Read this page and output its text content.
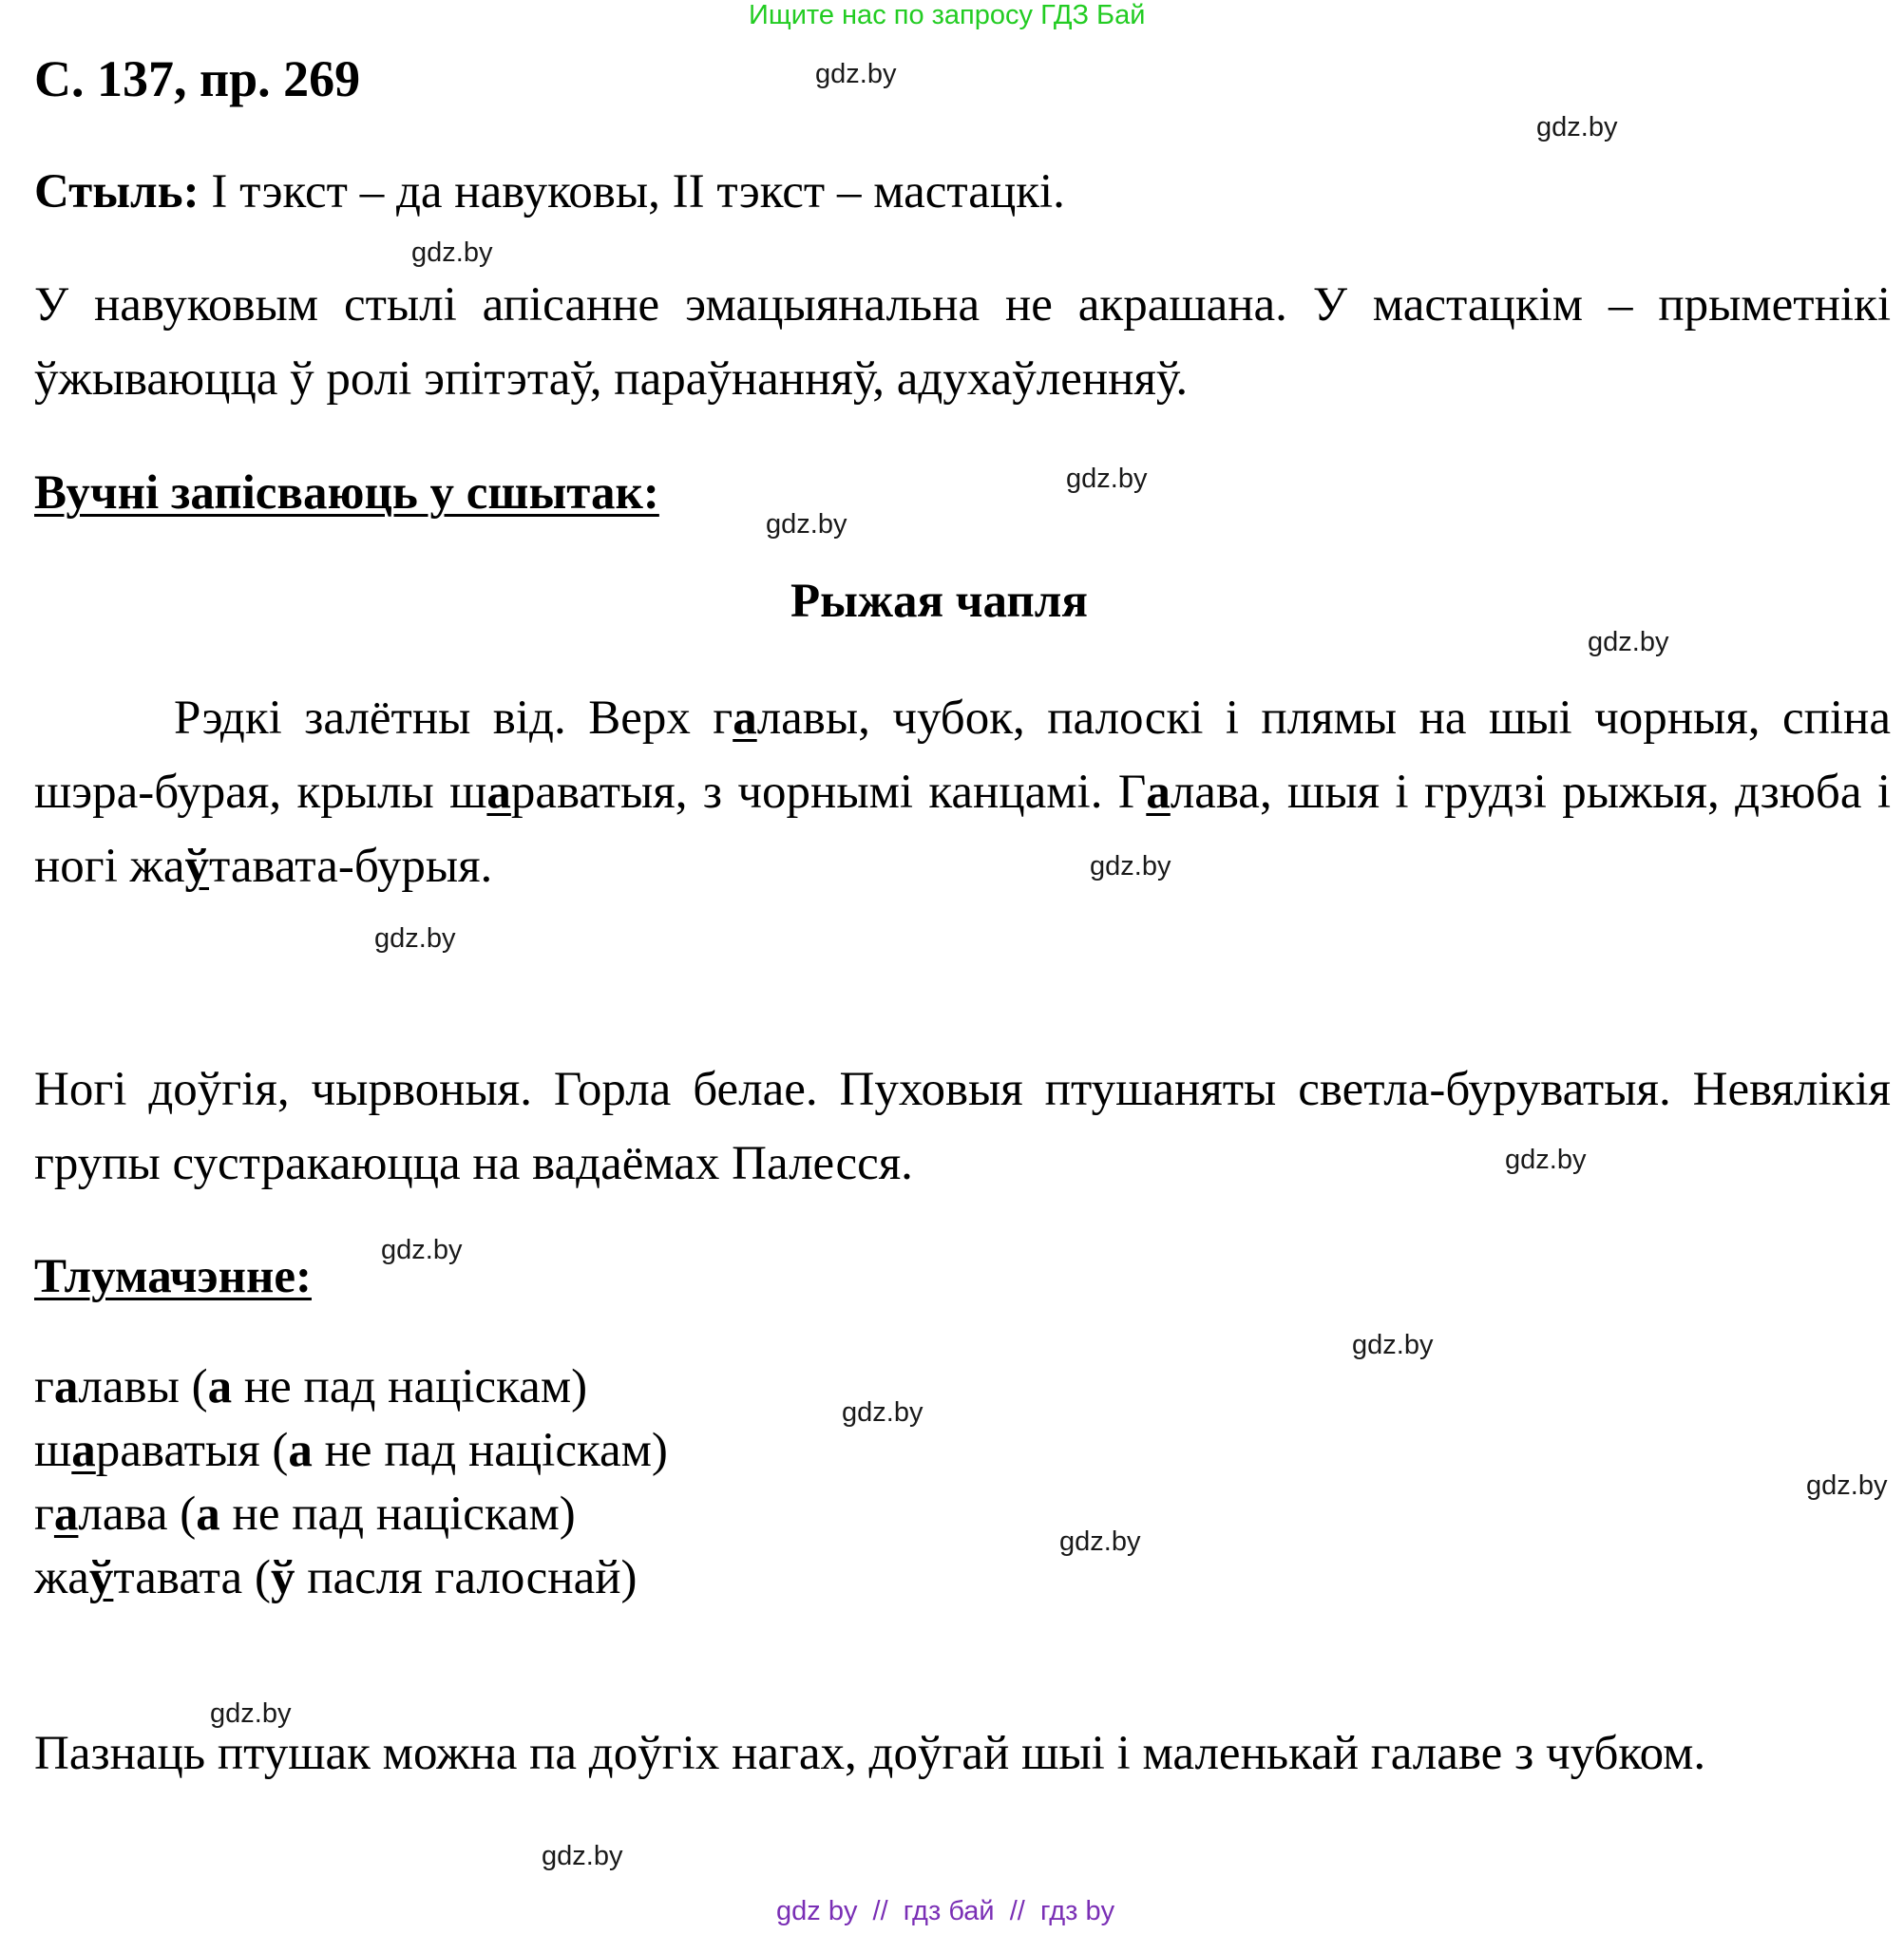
Ищите нас по запросу ГДЗ Бай
С. 137, пр. 269
Стыль: І тэкст – да навуковы, ІІ тэкст – мастацкі.
У навуковым стылі апісанне эмацыянальна не акрашана. У мастацкім – прыметнікі ўжываюцца ў ролі эпітэтаў, параўнанняў, адухаўленняў.
Вучні запісваюць у сшытак:
Рыжая чапля
Рэдкі залётны від. Верх галавы, чубок, палоскі і плямы на шыі чорныя, спіна шэра-бурая, крылы шараватыя, з чорнымі канцамі. Галава, шыя і грудзі рыжыя, дзюба і ногі жаўтавата-бурыя.
Ногі доўгія, чырвоныя. Горла белае. Пуховыя птушаняты светла-буруватыя. Невялікія групы сустракаюцца на вадаёмах Палесся.
Тлумачэнне:
галавы (а не пад націскам)
шараватыя (а не пад націскам)
галава (а не пад націскам)
жаўтавата (ў пасля галоснай)
Пазнаць птушак можна па доўгіх нагах, доўгай шыі і маленькай галаве з чубком.
gdz.by
gdz.by
gdz.by
gdz.by
gdz.by
gdz.by
gdz.by
gdz.by
gdz.by
gdz.by
gdz.by
gdz.by
gdz.by
gdz.by
gdz.by
gdz.by
gdz by  //  гдз бай  //  гдз by
